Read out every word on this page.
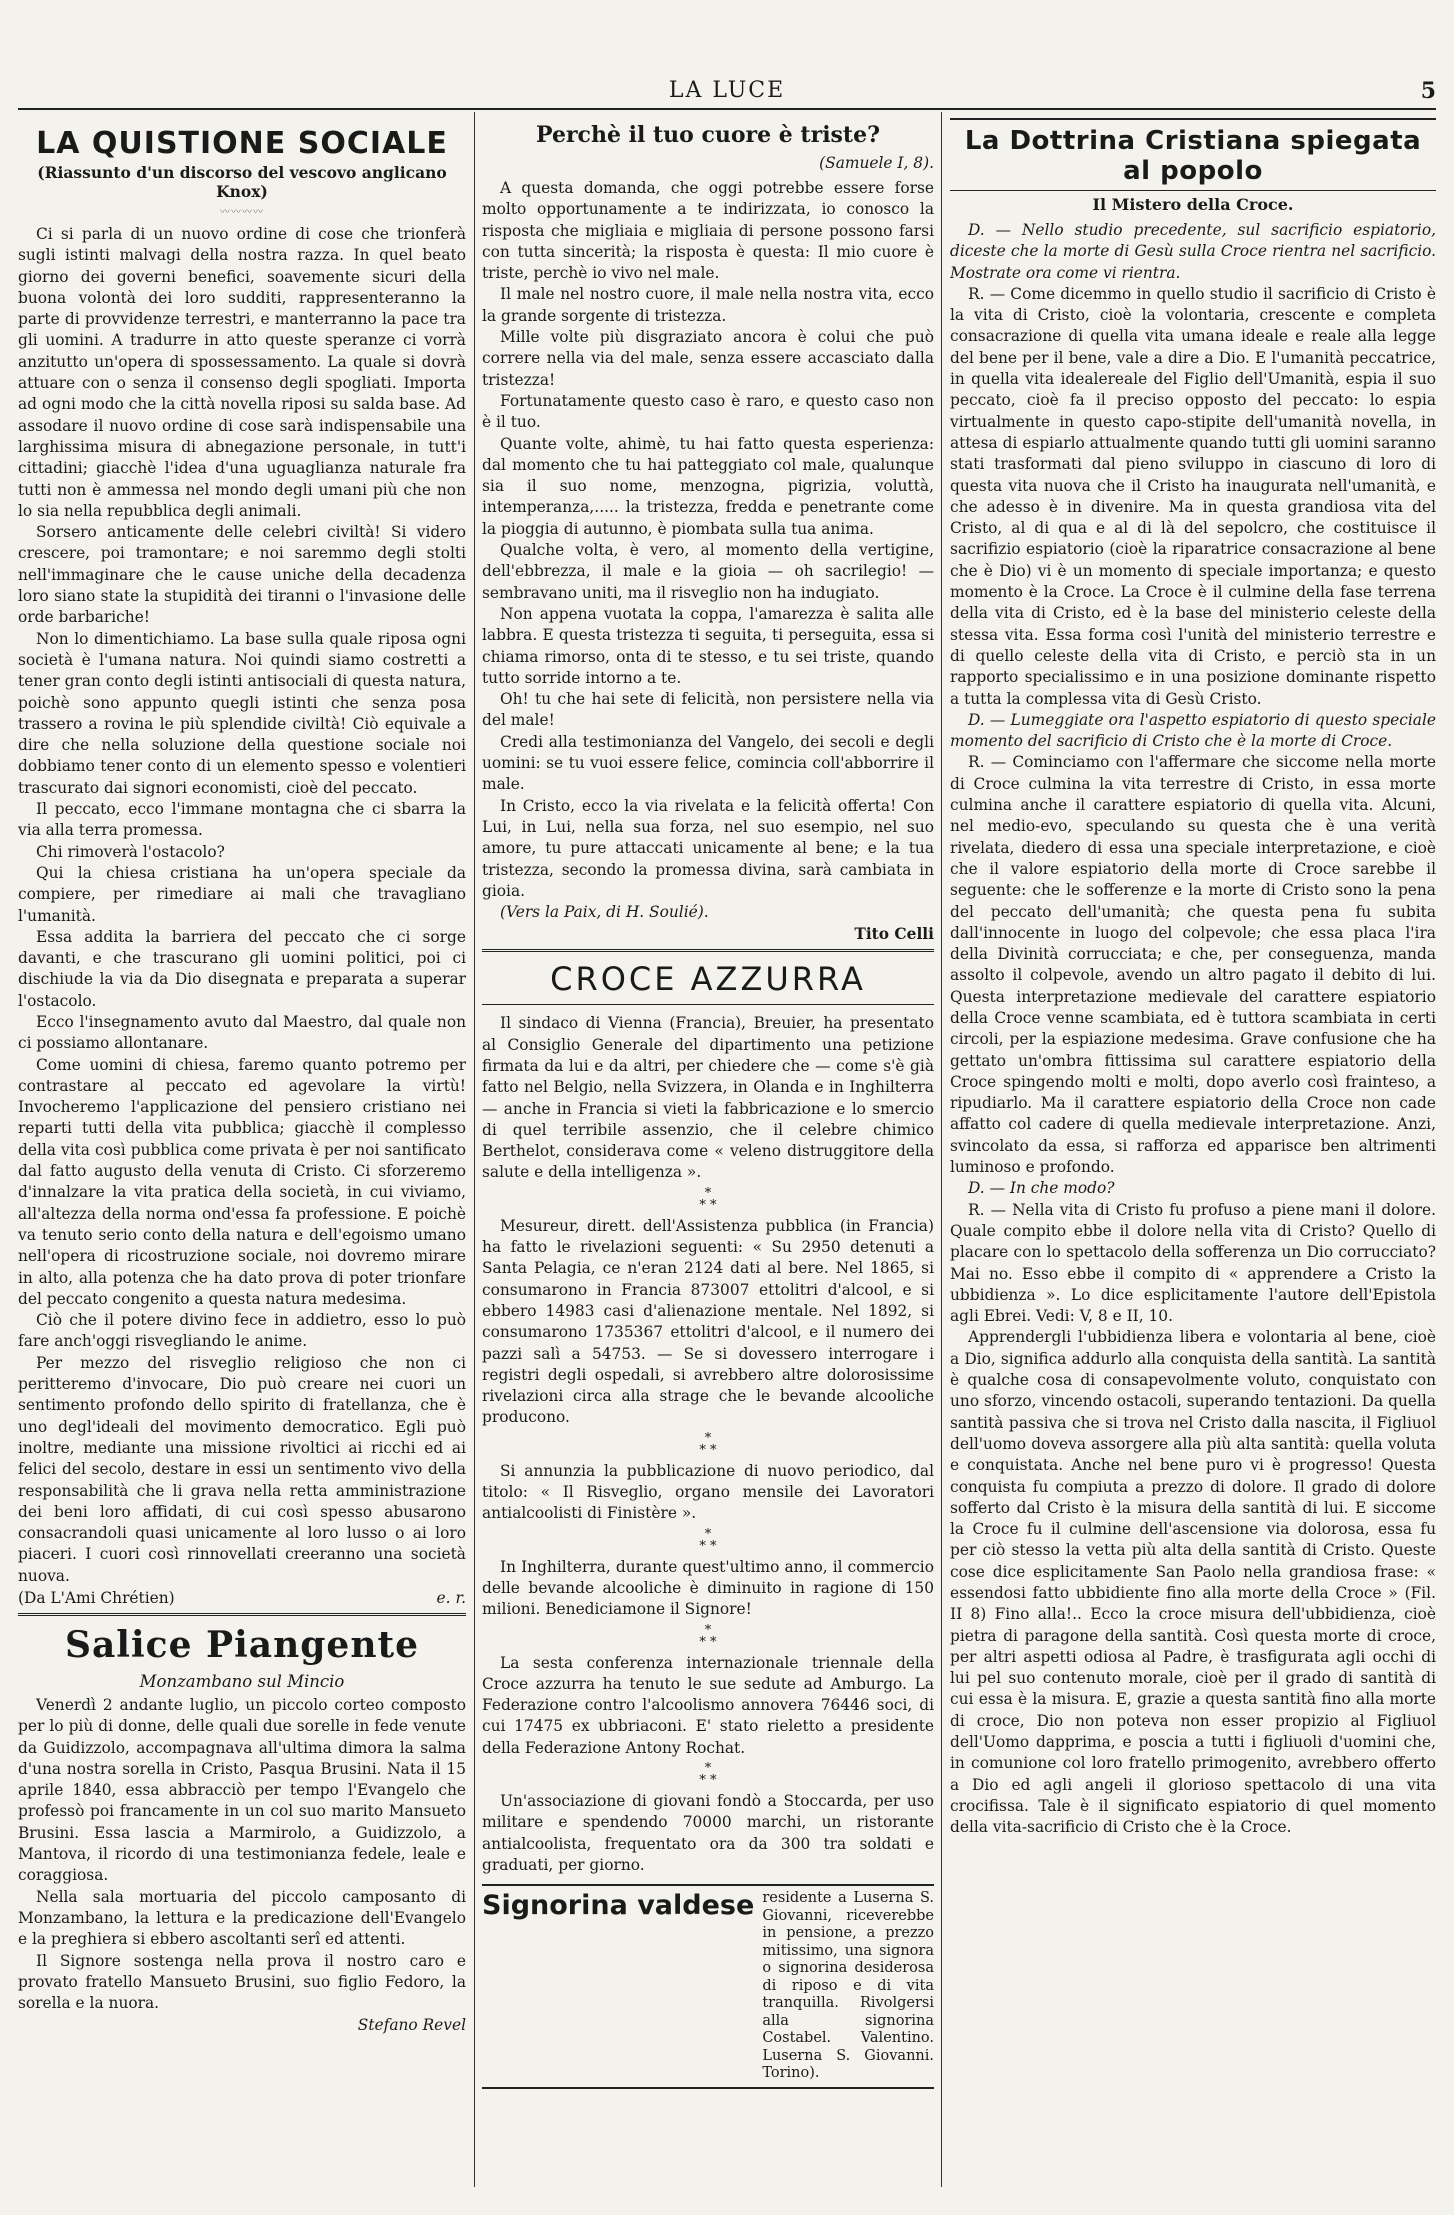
LA LUCE	5
LA QUISTIONE SOCIALE
(Riassunto d'un discorso del vescovo anglicano Knox)
〰〰〰〰

Ci si parla di un nuovo ordine di cose che trionferà sugli istinti malvagi della nostra razza. In quel beato giorno dei governi benefici, soavemente sicuri della buona volontà dei loro sudditi, rappresenteranno la parte di provvidenze terrestri, e manterranno la pace tra gli uomini. A tradurre in atto queste speranze ci vorrà anzitutto un'opera di spossessamento. La quale si dovrà attuare con o senza il consenso degli spogliati. Importa ad ogni modo che la città novella riposi su salda base. Ad assodare il nuovo ordine di cose sarà indispensabile una larghissima misura di abnegazione personale, in tutt'i cittadini; giacchè l'idea d'una uguaglianza naturale fra tutti non è ammessa nel mondo degli umani più che non lo sia nella repubblica degli animali.

Sorsero anticamente delle celebri civiltà! Si videro crescere, poi tramontare; e noi saremmo degli stolti nell'immaginare che le cause uniche della decadenza loro siano state la stupidità dei tiranni o l'invasione delle orde barbariche!

Non lo dimentichiamo. La base sulla quale riposa ogni società è l'umana natura. Noi quindi siamo costretti a tener gran conto degli istinti antisociali di questa natura, poichè sono appunto quegli istinti che senza posa trassero a rovina le più splendide civiltà! Ciò equivale a dire che nella soluzione della questione sociale noi dobbiamo tener conto di un elemento spesso e volentieri trascurato dai signori economisti, cioè del peccato.

Il peccato, ecco l'immane montagna che ci sbarra la via alla terra promessa.

Chi rimoverà l'ostacolo?

Qui la chiesa cristiana ha un'opera speciale da compiere, per rimediare ai mali che travagliano l'umanità.

Essa addita la barriera del peccato che ci sorge davanti, e che trascurano gli uomini politici, poi ci dischiude la via da Dio disegnata e preparata a superar l'ostacolo.

Ecco l'insegnamento avuto dal Maestro, dal quale non ci possiamo allontanare.

Come uomini di chiesa, faremo quanto potremo per contrastare al peccato ed agevolare la virtù! Invocheremo l'applicazione del pensiero cristiano nei reparti tutti della vita pubblica; giacchè il complesso della vita così pubblica come privata è per noi santificato dal fatto augusto della venuta di Cristo. Ci sforzeremo d'innalzare la vita pratica della società, in cui viviamo, all'altezza della norma ond'essa fa professione. E poichè va tenuto serio conto della natura e dell'egoismo umano nell'opera di ricostruzione sociale, noi dovremo mirare in alto, alla potenza che ha dato prova di poter trionfare del peccato congenito a questa natura medesima.

Ciò che il potere divino fece in addietro, esso lo può fare anch'oggi risvegliando le anime.

Per mezzo del risveglio religioso che non ci peritteremo d'invocare, Dio può creare nei cuori un sentimento profondo dello spirito di fratellanza, che è uno degl'ideali del movimento democratico. Egli può inoltre, mediante una missione rivoltici ai ricchi ed ai felici del secolo, destare in essi un sentimento vivo della responsabilità che li grava nella retta amministrazione dei beni loro affidati, di cui così spesso abusarono consacrandoli quasi unicamente al loro lusso o ai loro piaceri. I cuori così rinnovellati creeranno una società nuova.

(Da L'Ami Chrétien)	e. r.
Salice Piangente
Monzambano sul Mincio

Venerdì 2 andante luglio, un piccolo corteo composto per lo più di donne, delle quali due sorelle in fede venute da Guidizzolo, accompagnava all'ultima dimora la salma d'una nostra sorella in Cristo, Pasqua Brusini. Nata il 15 aprile 1840, essa abbracciò per tempo l'Evangelo che professò poi francamente in un col suo marito Mansueto Brusini. Essa lascia a Marmirolo, a Guidizzolo, a Mantova, il ricordo di una testimonianza fedele, leale e coraggiosa.

Nella sala mortuaria del piccolo camposanto di Monzambano, la lettura e la predicazione dell'Evangelo e la preghiera si ebbero ascoltanti serî ed attenti.

Il Signore sostenga nella prova il nostro caro e provato fratello Mansueto Brusini, suo figlio Fedoro, la sorella e la nuora.

Stefano Revel
Perchè il tuo cuore è triste?
(Samuele I, 8).

A questa domanda, che oggi potrebbe essere forse molto opportunamente a te indirizzata, io conosco la risposta che migliaia e migliaia di persone possono farsi con tutta sincerità; la risposta è questa: Il mio cuore è triste, perchè io vivo nel male.

Il male nel nostro cuore, il male nella nostra vita, ecco la grande sorgente di tristezza.

Mille volte più disgraziato ancora è colui che può correre nella via del male, senza essere accasciato dalla tristezza!

Fortunatamente questo caso è raro, e questo caso non è il tuo.

Quante volte, ahimè, tu hai fatto questa esperienza: dal momento che tu hai patteggiato col male, qualunque sia il suo nome, menzogna, pigrizia, voluttà, intemperanza,..... la tristezza, fredda e penetrante come la pioggia di autunno, è piombata sulla tua anima.

Qualche volta, è vero, al momento della vertigine, dell'ebbrezza, il male e la gioia — oh sacrilegio! — sembravano uniti, ma il risveglio non ha indugiato.

Non appena vuotata la coppa, l'amarezza è salita alle labbra. E questa tristezza ti seguita, ti perseguita, essa si chiama rimorso, onta di te stesso, e tu sei triste, quando tutto sorride intorno a te.

Oh! tu che hai sete di felicità, non persistere nella via del male!

Credi alla testimonianza del Vangelo, dei secoli e degli uomini: se tu vuoi essere felice, comincia coll'abborrire il male.

In Cristo, ecco la via rivelata e la felicità offerta! Con Lui, in Lui, nella sua forza, nel suo esempio, nel suo amore, tu pure attaccati unicamente al bene; e la tua tristezza, secondo la promessa divina, sarà cambiata in gioia.

(Vers la Paix, di H. Soulié).

Tito Celli
CROCE AZZURRA

Il sindaco di Vienna (Francia), Breuier, ha presentato al Consiglio Generale del dipartimento una petizione firmata da lui e da altri, per chiedere che — come s'è già fatto nel Belgio, nella Svizzera, in Olanda e in Inghilterra — anche in Francia si vieti la fabbricazione e lo smercio di quel terribile assenzio, che il celebre chimico Berthelot, considerava come « veleno distruggitore della salute e della intelligenza ».

*
* *

Mesureur, dirett. dell'Assistenza pubblica (in Francia) ha fatto le rivelazioni seguenti: « Su 2950 detenuti a Santa Pelagia, ce n'eran 2124 dati al bere. Nel 1865, si consumarono in Francia 873007 ettolitri d'alcool, e si ebbero 14983 casi d'alienazione mentale. Nel 1892, si consumarono 1735367 ettolitri d'alcool, e il numero dei pazzi salì a 54753. — Se si dovessero interrogare i registri degli ospedali, si avrebbero altre dolorosissime rivelazioni circa alla strage che le bevande alcooliche producono.

*
* *

Si annunzia la pubblicazione di nuovo periodico, dal titolo: « Il Risveglio, organo mensile dei Lavoratori antialcoolisti di Finistère ».

*
* *

In Inghilterra, durante quest'ultimo anno, il commercio delle bevande alcooliche è diminuito in ragione di 150 milioni. Benediciamone il Signore!

*
* *

La sesta conferenza internazionale triennale della Croce azzurra ha tenuto le sue sedute ad Amburgo. La Federazione contro l'alcoolismo annovera 76446 soci, di cui 17475 ex ubbriaconi. E' stato rieletto a presidente della Federazione Antony Rochat.

*
* *

Un'associazione di giovani fondò a Stoccarda, per uso militare e spendendo 70000 marchi, un ristorante antialcoolista, frequentato ora da 300 tra soldati e graduati, per giorno.

Signorina valdese residente a Luserna S. Giovanni, riceverebbe in pensione, a prezzo mitissimo, una signora o signorina desiderosa di riposo e di vita tranquilla. Rivolgersi alla signorina Costabel. Valentino. Luserna S. Giovanni. Torino).
La Dottrina Cristiana spiegata al popolo
Il Mistero della Croce.

D. — Nello studio precedente, sul sacrificio espiatorio, diceste che la morte di Gesù sulla Croce rientra nel sacrificio. Mostrate ora come vi rientra.

R. — Come dicemmo in quello studio il sacrificio di Cristo è la vita di Cristo, cioè la volontaria, crescente e completa consacrazione di quella vita umana ideale e reale alla legge del bene per il bene, vale a dire a Dio. E l'umanità peccatrice, in quella vita idealereale del Figlio dell'Umanità, espia il suo peccato, cioè fa il preciso opposto del peccato: lo espia virtualmente in questo capo-stipite dell'umanità novella, in attesa di espiarlo attualmente quando tutti gli uomini saranno stati trasformati dal pieno sviluppo in ciascuno di loro di questa vita nuova che il Cristo ha inaugurata nell'umanità, e che adesso è in divenire. Ma in questa grandiosa vita del Cristo, al di qua e al di là del sepolcro, che costituisce il sacrifizio espiatorio (cioè la riparatrice consacrazione al bene che è Dio) vi è un momento di speciale importanza; e questo momento è la Croce. La Croce è il culmine della fase terrena della vita di Cristo, ed è la base del ministerio celeste della stessa vita. Essa forma così l'unità del ministerio terrestre e di quello celeste della vita di Cristo, e perciò sta in un rapporto specialissimo e in una posizione dominante rispetto a tutta la complessa vita di Gesù Cristo.

D. — Lumeggiate ora l'aspetto espiatorio di questo speciale momento del sacrificio di Cristo che è la morte di Croce.

R. — Cominciamo con l'affermare che siccome nella morte di Croce culmina la vita terrestre di Cristo, in essa morte culmina anche il carattere espiatorio di quella vita. Alcuni, nel medio-evo, speculando su questa che è una verità rivelata, diedero di essa una speciale interpretazione, e cioè che il valore espiatorio della morte di Croce sarebbe il seguente: che le sofferenze e la morte di Cristo sono la pena del peccato dell'umanità; che questa pena fu subita dall'innocente in luogo del colpevole; che essa placa l'ira della Divinità corrucciata; e che, per conseguenza, manda assolto il colpevole, avendo un altro pagato il debito di lui. Questa interpretazione medievale del carattere espiatorio della Croce venne scambiata, ed è tuttora scambiata in certi circoli, per la espiazione medesima. Grave confusione che ha gettato un'ombra fittissima sul carattere espiatorio della Croce spingendo molti e molti, dopo averlo così frainteso, a ripudiarlo. Ma il carattere espiatorio della Croce non cade affatto col cadere di quella medievale interpretazione. Anzi, svincolato da essa, si rafforza ed apparisce ben altrimenti luminoso e profondo.

D. — In che modo?

R. — Nella vita di Cristo fu profuso a piene mani il dolore. Quale compito ebbe il dolore nella vita di Cristo? Quello di placare con lo spettacolo della sofferenza un Dio corrucciato? Mai no. Esso ebbe il compito di « apprendere a Cristo la ubbidienza ». Lo dice esplicitamente l'autore dell'Epistola agli Ebrei. Vedi: V, 8 e II, 10.

Apprendergli l'ubbidienza libera e volontaria al bene, cioè a Dio, significa addurlo alla conquista della santità. La santità è qualche cosa di consapevolmente voluto, conquistato con uno sforzo, vincendo ostacoli, superando tentazioni. Da quella santità passiva che si trova nel Cristo dalla nascita, il Figliuol dell'uomo doveva assorgere alla più alta santità: quella voluta e conquistata. Anche nel bene puro vi è progresso! Questa conquista fu compiuta a prezzo di dolore. Il grado di dolore sofferto dal Cristo è la misura della santità di lui. E siccome la Croce fu il culmine dell'ascensione via dolorosa, essa fu per ciò stesso la vetta più alta della santità di Cristo. Queste cose dice esplicitamente San Paolo nella grandiosa frase: « essendosi fatto ubbidiente fino alla morte della Croce » (Fil. II 8) Fino alla!.. Ecco la croce misura dell'ubbidienza, cioè pietra di paragone della santità. Così questa morte di croce, per altri aspetti odiosa al Padre, è trasfigurata agli occhi di lui pel suo contenuto morale, cioè per il grado di santità di cui essa è la misura. E, grazie a questa santità fino alla morte di croce, Dio non poteva non esser propizio al Figliuol dell'Uomo dapprima, e poscia a tutti i figliuoli d'uomini che, in comunione col loro fratello primogenito, avrebbero offerto a Dio ed agli angeli il glorioso spettacolo di una vita crocifissa. Tale è il significato espiatorio di quel momento della vita-sacrificio di Cristo che è la Croce.
